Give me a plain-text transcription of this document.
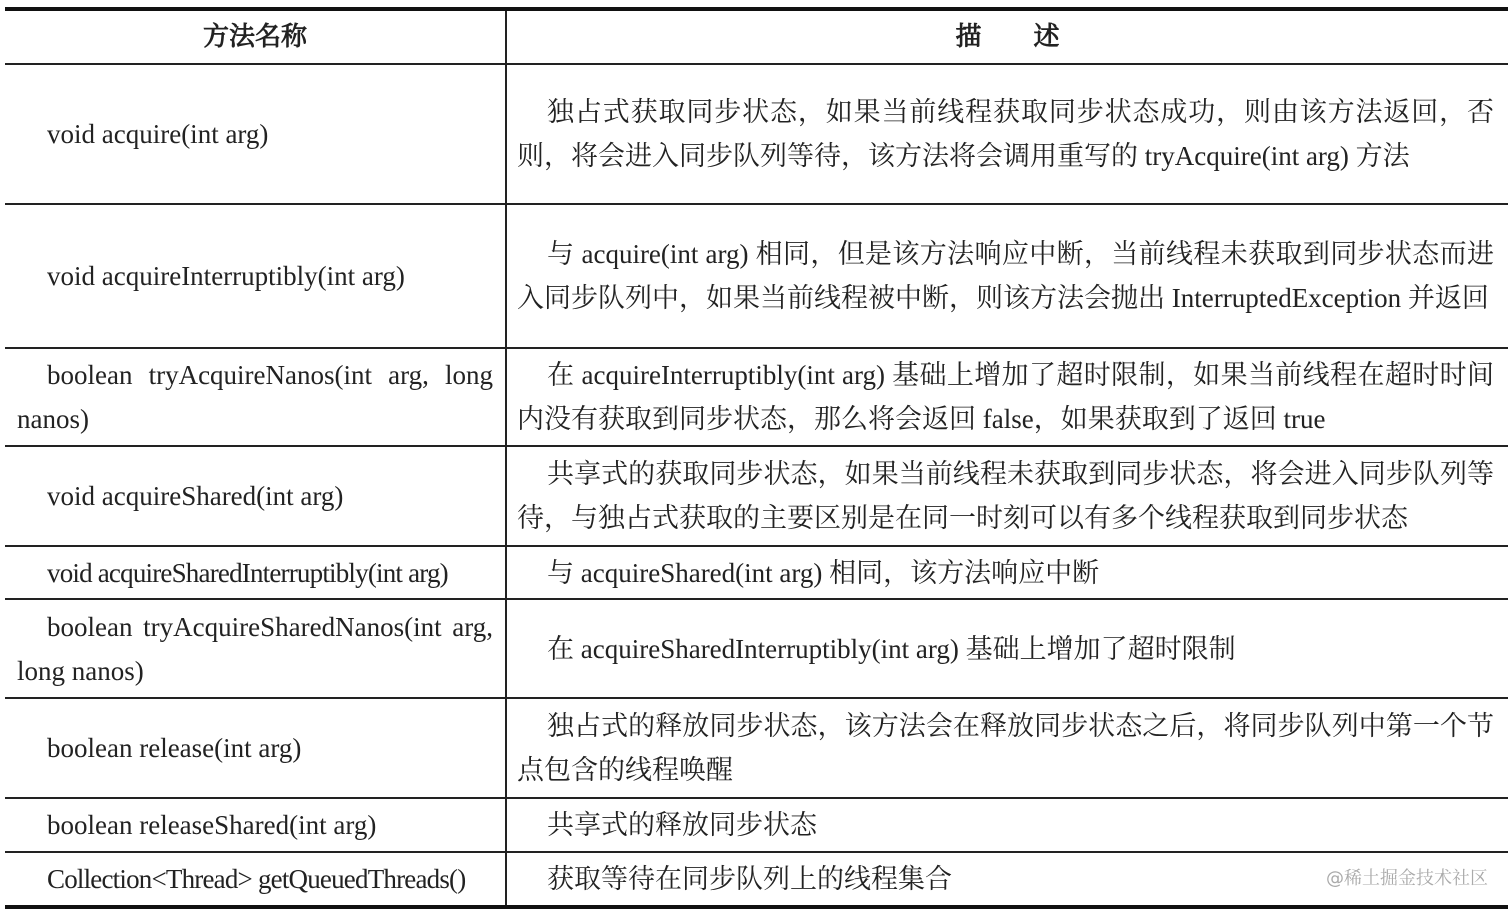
方法名称	描　　述
void acquire(int arg)	独占式获取同步状态，如果当前线程获取同步状态成功，则由该方法返回，否则，将会进入同步队列等待，该方法将会调用重写的 tryAcquire(int arg) 方法
void acquireInterruptibly(int arg)	与 acquire(int arg) 相同，但是该方法响应中断，当前线程未获取到同步状态而进入同步队列中，如果当前线程被中断，则该方法会抛出 InterruptedException 并返回
boolean tryAcquireNanos(int arg, long nanos)	在 acquireInterruptibly(int arg) 基础上增加了超时限制，如果当前线程在超时时间内没有获取到同步状态，那么将会返回 false，如果获取到了返回 true
void acquireShared(int arg)	共享式的获取同步状态，如果当前线程未获取到同步状态，将会进入同步队列等待，与独占式获取的主要区别是在同一时刻可以有多个线程获取到同步状态
void acquireSharedInterruptibly(int arg)	与 acquireShared(int arg) 相同，该方法响应中断
boolean tryAcquireSharedNanos(int arg, long nanos)	在 acquireSharedInterruptibly(int arg) 基础上增加了超时限制
boolean release(int arg)	独占式的释放同步状态，该方法会在释放同步状态之后，将同步队列中第一个节点包含的线程唤醒
boolean releaseShared(int arg)	共享式的释放同步状态
Collection<Thread> getQueuedThreads()	获取等待在同步队列上的线程集合	@稀土掘金技术社区
